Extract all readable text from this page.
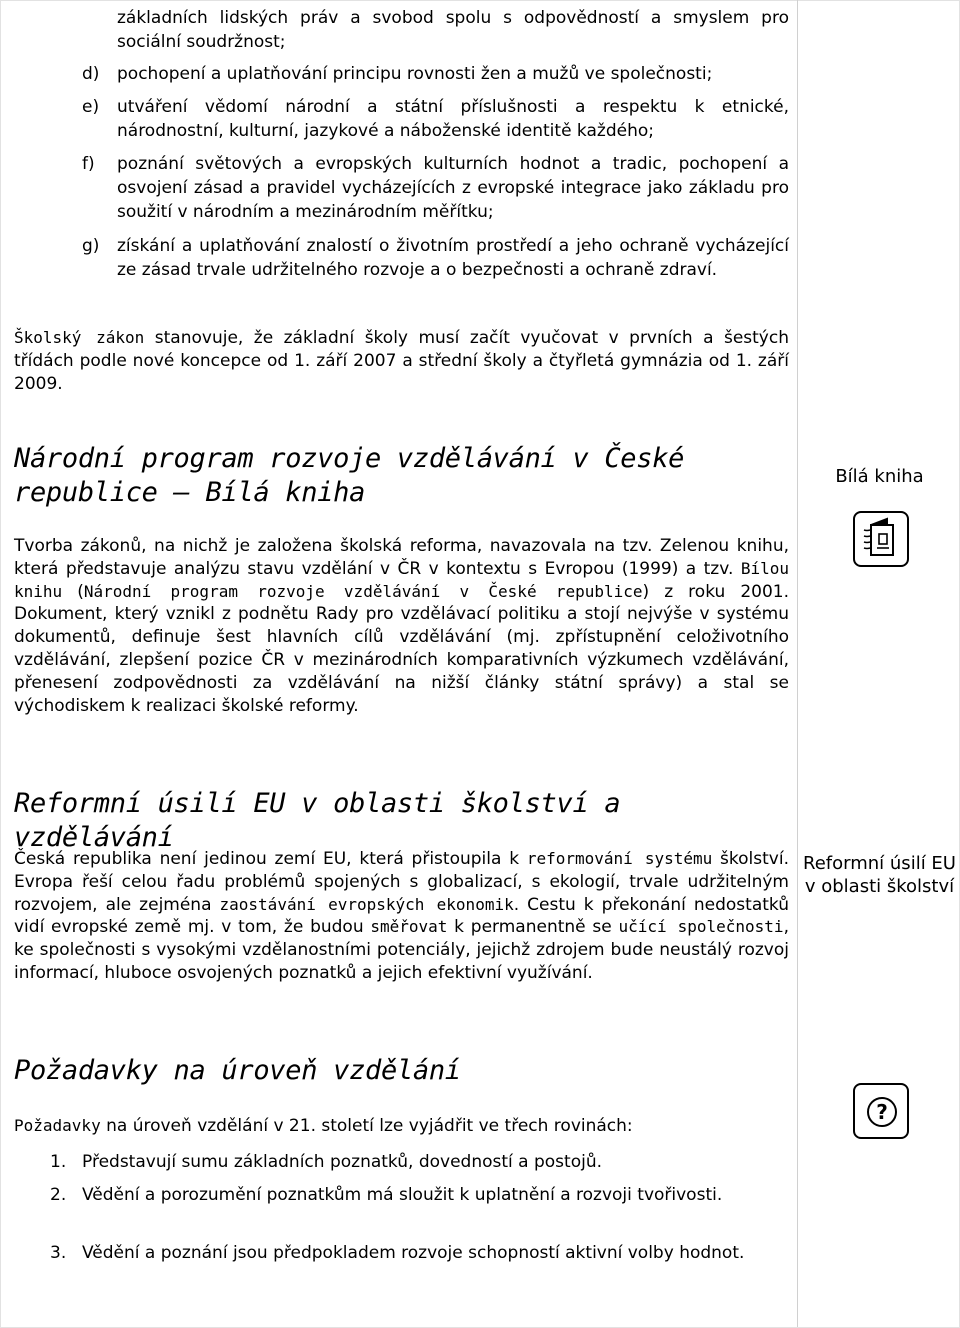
základních lidských práv a svobod spolu s odpovědností a smyslem pro sociální soudržnost;
d) pochopení a uplatňování principu rovnosti žen a mužů ve společnosti;
e) utváření vědomí národní a státní příslušnosti a respektu k etnické, národnostní, kulturní, jazykové a náboženské identitě každého;
f) poznání světových a evropských kulturních hodnot a tradic, pochopení a osvojení zásad a pravidel vycházejících z evropské integrace jako základu pro soužití v národním a mezinárodním měřítku;
g) získání a uplatňování znalostí o životním prostředí a jeho ochraně vycházející ze zásad trvale udržitelného rozvoje a o bezpečnosti a ochraně zdraví.
Školský zákon stanovuje, že základní školy musí začít vyučovat v prvních a šestých třídách podle nové koncepce od 1. září 2007 a střední školy a čtyřletá gymnázia od 1. září 2009.
Národní program rozvoje vzdělávání v České republice – Bílá kniha
Tvorba zákonů, na nichž je založena školská reforma, navazovala na tzv. Zelenou knihu, která představuje analýzu stavu vzdělání v ČR v kontextu s Evropou (1999) a tzv. Bílou knihu (Národní program rozvoje vzdělávání v České republice) z roku 2001. Dokument, který vznikl z podnětu Rady pro vzdělávací politiku a stojí nejvýše v systému dokumentů, definuje šest hlavních cílů vzdělávání (mj. zpřístupnění celoživotního vzdělávání, zlepšení pozice ČR v mezinárodních komparativních výzkumech vzdělávání, přenesení zodpovědnosti za vzdělávání na nižší články státní správy) a stal se východiskem k realizaci školské reformy.
Reformní úsilí EU v oblasti školství a vzdělávání
Česká republika není jedinou zemí EU, která přistoupila k reformování systému školství. Evropa řeší celou řadu problémů spojených s globalizací, s ekologií, trvale udržitelným rozvojem, ale zejména zaostávání evropských ekonomik. Cestu k překonání nedostatků vidí evropské země mj. v tom, že budou směřovat k permanentně se učící společnosti, ke společnosti s vysokými vzdělanostními potenciály, jejichž zdrojem bude neustálý rozvoj informací, hluboce osvojených poznatků a jejich efektivní využívání.
Požadavky na úroveň vzdělání
Požadavky na úroveň vzdělání v 21. století lze vyjádřit ve třech rovinách:
1. Představují sumu základních poznatků, dovedností a postojů.
2. Vědění a porozumění poznatkům má sloužit k uplatnění a rozvoji tvořivosti.
3. Vědění a poznání jsou předpokladem rozvoje schopností aktivní volby hodnot.
Bílá kniha
Reformní úsilí EU v oblasti školství
?
